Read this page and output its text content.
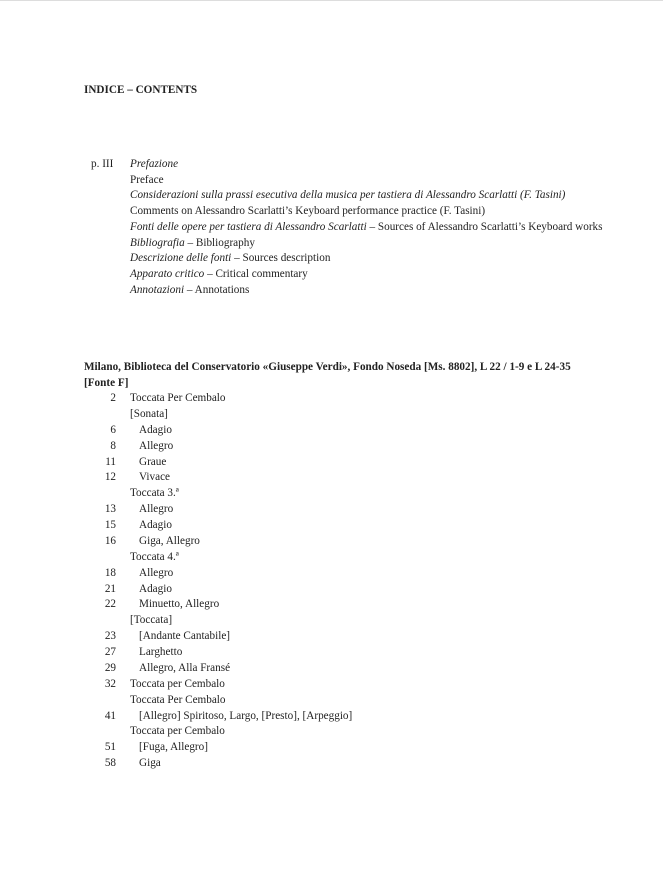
INDICE – CONTENTS
p. III	Prefazione
Preface
Considerazioni sulla prassi esecutiva della musica per tastiera di Alessandro Scarlatti (F. Tasini)
Comments on Alessandro Scarlatti’s Keyboard performance practice (F. Tasini)
Fonti delle opere per tastiera di Alessandro Scarlatti – Sources of Alessandro Scarlatti’s Keyboard works
Bibliografia – Bibliography
Descrizione delle fonti – Sources description
Apparato critico – Critical commentary
Annotazioni – Annotations
Milano, Biblioteca del Conservatorio «Giuseppe Verdi», Fondo Noseda [Ms. 8802], L 22 / 1-9 e L 24-35 [Fonte F]
2	Toccata Per Cembalo
[Sonata]
6	Adagio
8	Allegro
11	Graue
12	Vivace
Toccata 3.ª
13	Allegro
15	Adagio
16	Giga, Allegro
Toccata 4.ª
18	Allegro
21	Adagio
22	Minuetto, Allegro
[Toccata]
23	[Andante Cantabile]
27	Larghetto
29	Allegro, Alla Fransé
32	Toccata per Cembalo
Toccata Per Cembalo
41	[Allegro] Spiritoso, Largo, [Presto], [Arpeggio]
Toccata per Cembalo
51	[Fuga, Allegro]
58	Giga
